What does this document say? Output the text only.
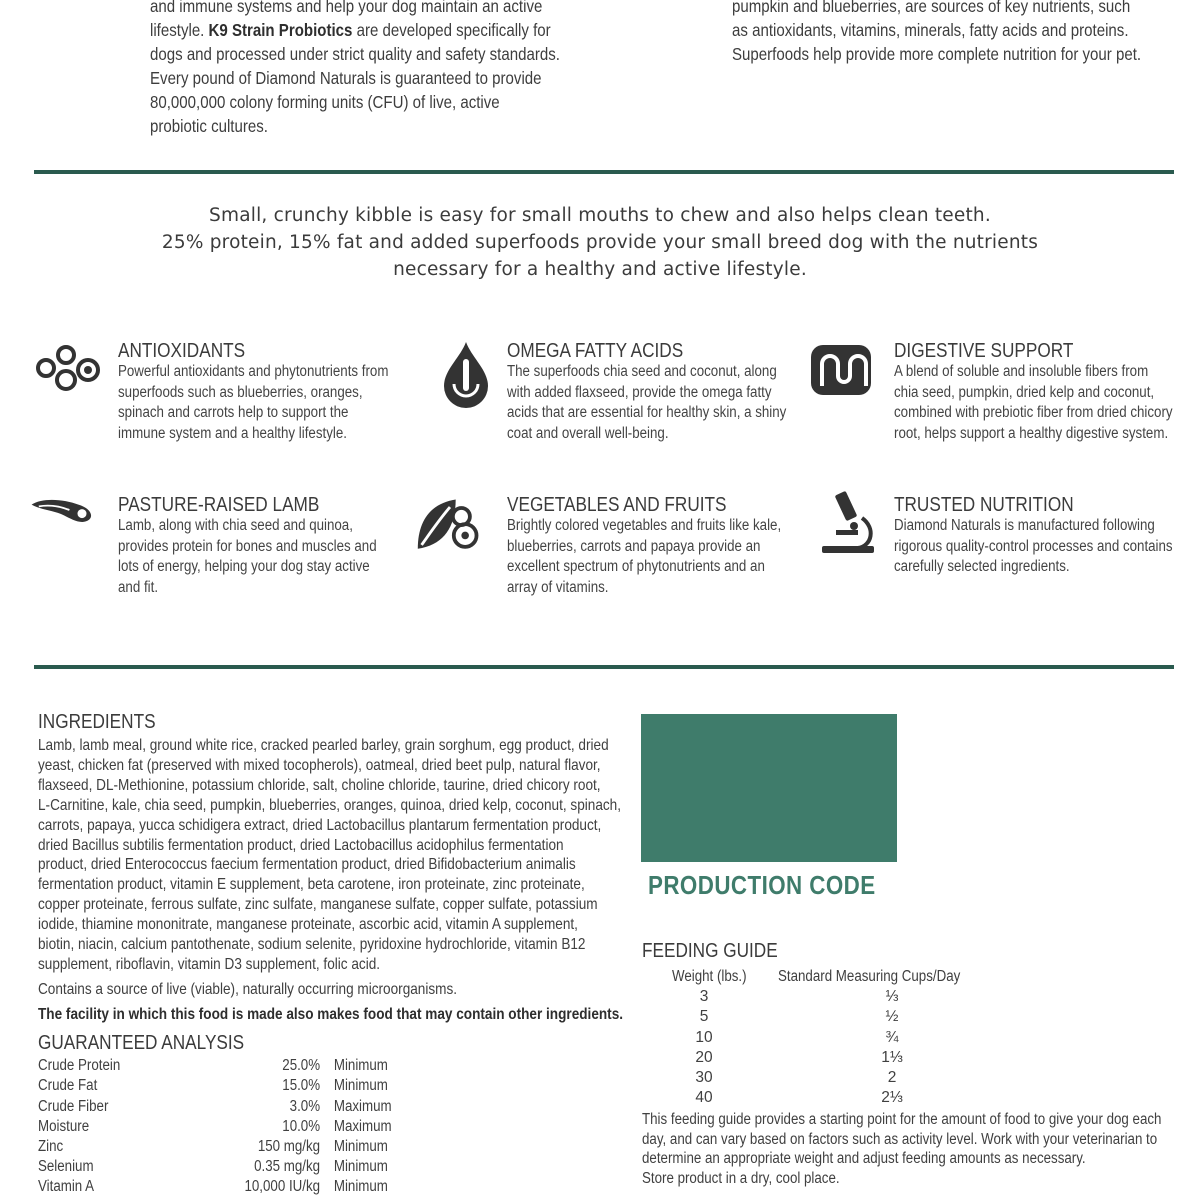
and immune systems and help your dog maintain an active
lifestyle. K9 Strain Probiotics are developed specifically for
dogs and processed under strict quality and safety standards.
Every pound of Diamond Naturals is guaranteed to provide
80,000,000 colony forming units (CFU) of live, active
probiotic cultures.
pumpkin and blueberries, are sources of key nutrients, such
as antioxidants, vitamins, minerals, fatty acids and proteins.
Superfoods help provide more complete nutrition for your pet.
Small, crunchy kibble is easy for small mouths to chew and also helps clean teeth.
25% protein, 15% fat and added superfoods provide your small breed dog with the nutrients
necessary for a healthy and active lifestyle.
ANTIOXIDANTS
Powerful antioxidants and phytonutrients from
superfoods such as blueberries, oranges,
spinach and carrots help to support the
immune system and a healthy lifestyle.
OMEGA FATTY ACIDS
The superfoods chia seed and coconut, along
with added flaxseed, provide the omega fatty
acids that are essential for healthy skin, a shiny
coat and overall well-being.
DIGESTIVE SUPPORT
A blend of soluble and insoluble fibers from
chia seed, pumpkin, dried kelp and coconut,
combined with prebiotic fiber from dried chicory
root, helps support a healthy digestive system.
PASTURE-RAISED LAMB
Lamb, along with chia seed and quinoa,
provides protein for bones and muscles and
lots of energy, helping your dog stay active
and fit.
VEGETABLES AND FRUITS
Brightly colored vegetables and fruits like kale,
blueberries, carrots and papaya provide an
excellent spectrum of phytonutrients and an
array of vitamins.
TRUSTED NUTRITION
Diamond Naturals is manufactured following
rigorous quality-control processes and contains
carefully selected ingredients.
INGREDIENTS
Lamb, lamb meal, ground white rice, cracked pearled barley, grain sorghum, egg product, dried
yeast, chicken fat (preserved with mixed tocopherols), oatmeal, dried beet pulp, natural flavor,
flaxseed, DL-Methionine, potassium chloride, salt, choline chloride, taurine, dried chicory root,
L-Carnitine, kale, chia seed, pumpkin, blueberries, oranges, quinoa, dried kelp, coconut, spinach,
carrots, papaya, yucca schidigera extract, dried Lactobacillus plantarum fermentation product,
dried Bacillus subtilis fermentation product, dried Lactobacillus acidophilus fermentation
product, dried Enterococcus faecium fermentation product, dried Bifidobacterium animalis
fermentation product, vitamin E supplement, beta carotene, iron proteinate, zinc proteinate,
copper proteinate, ferrous sulfate, zinc sulfate, manganese sulfate, copper sulfate, potassium
iodide, thiamine mononitrate, manganese proteinate, ascorbic acid, vitamin A supplement,
biotin, niacin, calcium pantothenate, sodium selenite, pyridoxine hydrochloride, vitamin B12
supplement, riboflavin, vitamin D3 supplement, folic acid.
Contains a source of live (viable), naturally occurring microorganisms.
The facility in which this food is made also makes food that may contain other ingredients.
GUARANTEED ANALYSIS
Crude Protein	25.0% Minimum
Crude Fat	15.0% Minimum
Crude Fiber	3.0% Maximum
Moisture	10.0% Maximum
Zinc	150 mg/kg Minimum
Selenium	0.35 mg/kg Minimum
Vitamin A	10,000 IU/kg Minimum
PRODUCTION CODE
FEEDING GUIDE
Weight (lbs.) Standard Measuring Cups/Day
3	⅓
5	½
10	¾
20	1⅓
30	2
40	2⅓
This feeding guide provides a starting point for the amount of food to give your dog each
day, and can vary based on factors such as activity level. Work with your veterinarian to
determine an appropriate weight and adjust feeding amounts as necessary.
Store product in a dry, cool place.
